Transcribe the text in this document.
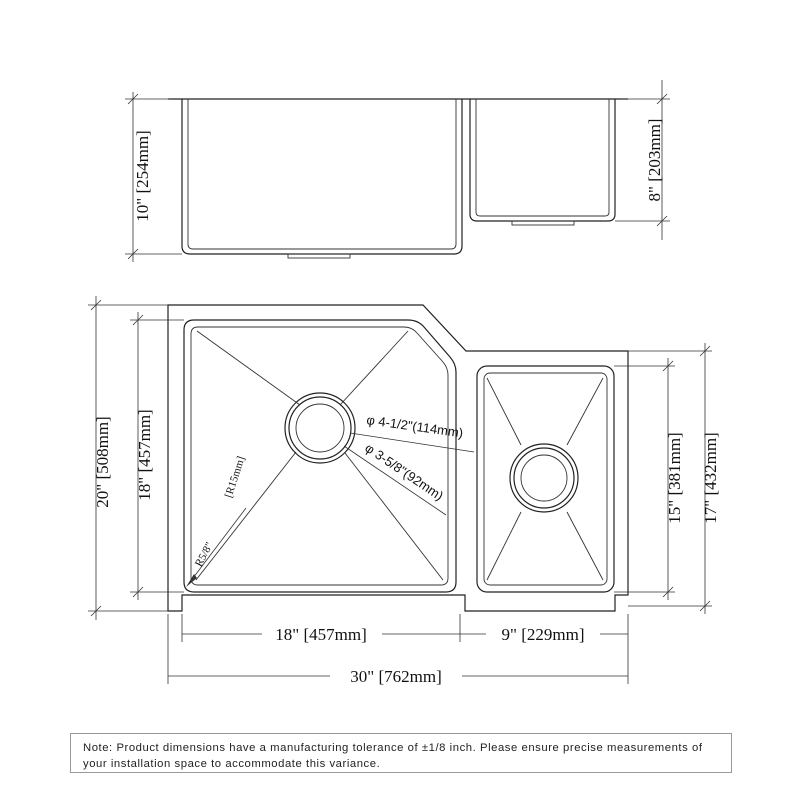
10" [254mm]	8" [203mm]
φ 4-1/2"(114mm)
φ 3-5/8"(92mm)
R5/8"
[R15mm]
20" [508mm] 18" [457mm]	15" [381mm] 17" [432mm]
18" [457mm]	9" [229mm]
30" [762mm]
Note: Product dimensions have a manufacturing tolerance of ±1/8 inch. Please ensure precise measurements of
your installation space to accommodate this variance.
